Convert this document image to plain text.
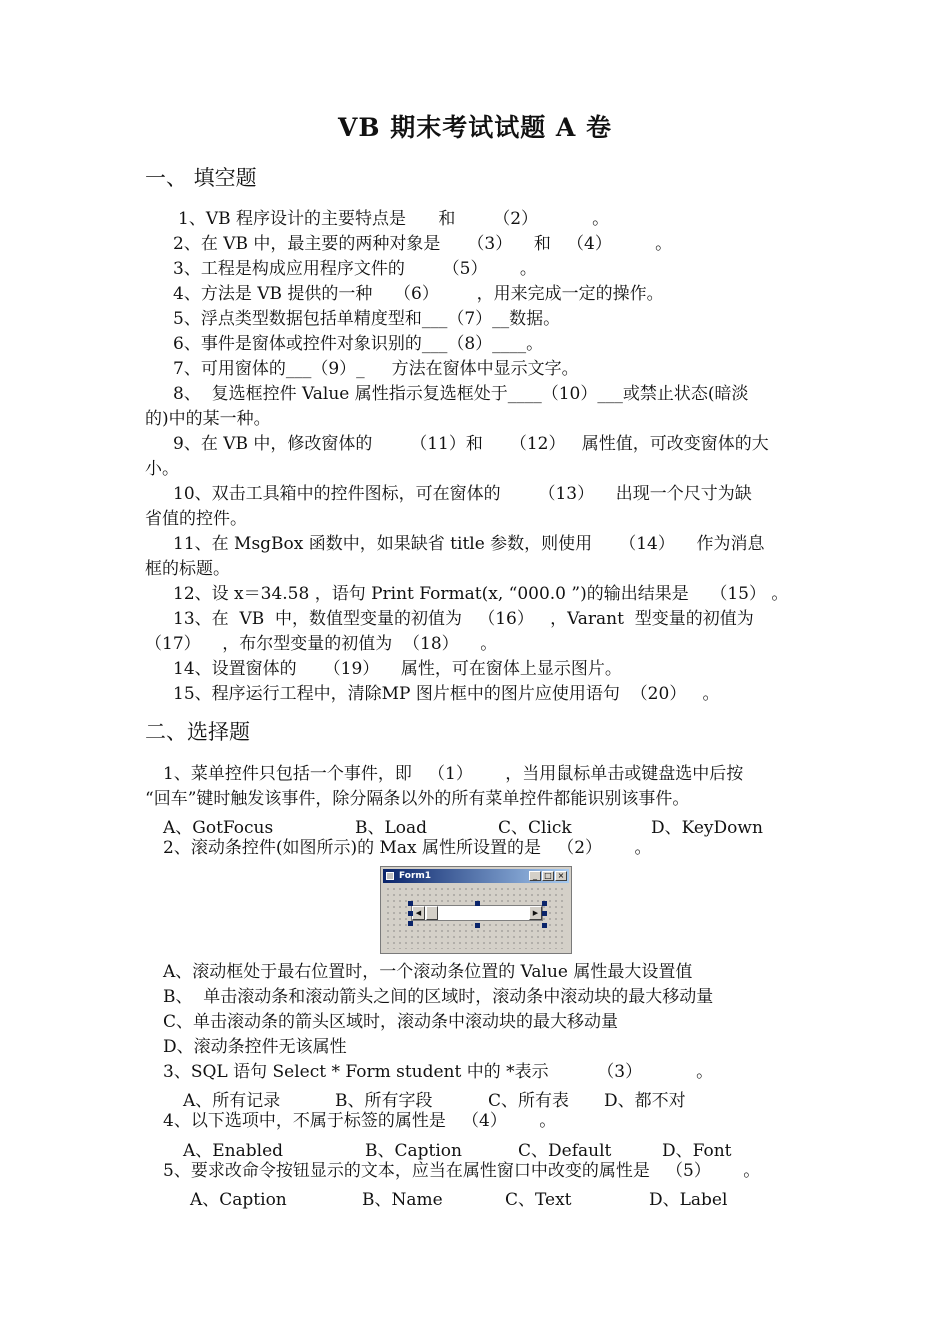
VB 期末考试试题 A 卷
一、 填空题
1、VB 程序设计的主要特点是      和       （2）          。
2、在 VB 中，最主要的两种对象是     （3）    和   （4）        。
3、工程是构成应用程序文件的       （5）      。
4、方法是 VB 提供的一种    （6）       ，用来完成一定的操作。
5、浮点类型数据包括单精度型和___（7）__数据。
6、事件是窗体或控件对象识别的___（8）____。
7、可用窗体的___（9）_     方法在窗体中显示文字。
8、  复选框控件 Value 属性指示复选框处于____（10）___或禁止状态(暗淡
的)中的某一种。
9、在 VB 中，修改窗体的       （11）和     （12）   属性值，可改变窗体的大
小。
10、双击工具箱中的控件图标，可在窗体的       （13）    出现一个尺寸为缺
省值的控件。
11、在 MsgBox 函数中，如果缺省 title 参数，则使用     （14）    作为消息
框的标题。
12、设 x＝34.58 ，语句 Print Format(x, “000.0 ”)的输出结果是    （15） 。
13、在  VB  中，数值型变量的初值为   （16）   ，Varant  型变量的初值为
（17）    ，布尔型变量的初值为  （18）    。
14、设置窗体的     （19）    属性，可在窗体上显示图片。
15、程序运行工程中，清除MP 图片框中的图片应使用语句  （20）   。
二、选择题
1、菜单控件只包括一个事件，即   （1）      ，当用鼠标单击或键盘选中后按
“回车”键时触发该事件，除分隔条以外的所有菜单控件都能识别该事件。
A、GotFocus	B、Load	C、Click	D、KeyDown
2、滚动条控件(如图所示)的 Max 属性所设置的是   （2）      。
Form1	_ □ ×
◀	▶
A、滚动框处于最右位置时，一个滚动条位置的 Value 属性最大设置值
B、  单击滚动条和滚动箭头之间的区域时，滚动条中滚动块的最大移动量
C、单击滚动条的箭头区域时，滚动条中滚动块的最大移动量
D、滚动条控件无该属性
3、SQL 语句 Select * Form student 中的 *表示         （3）          。
A、所有记录	B、所有字段	C、所有表 D、都不对
4、以下选项中，不属于标签的属性是   （4）      。
A、Enabled	B、Caption	C、Default	D、Font
5、要求改命令按钮显示的文本，应当在属性窗口中改变的属性是   （5）      。
A、Caption	B、Name	C、Text	D、Label
